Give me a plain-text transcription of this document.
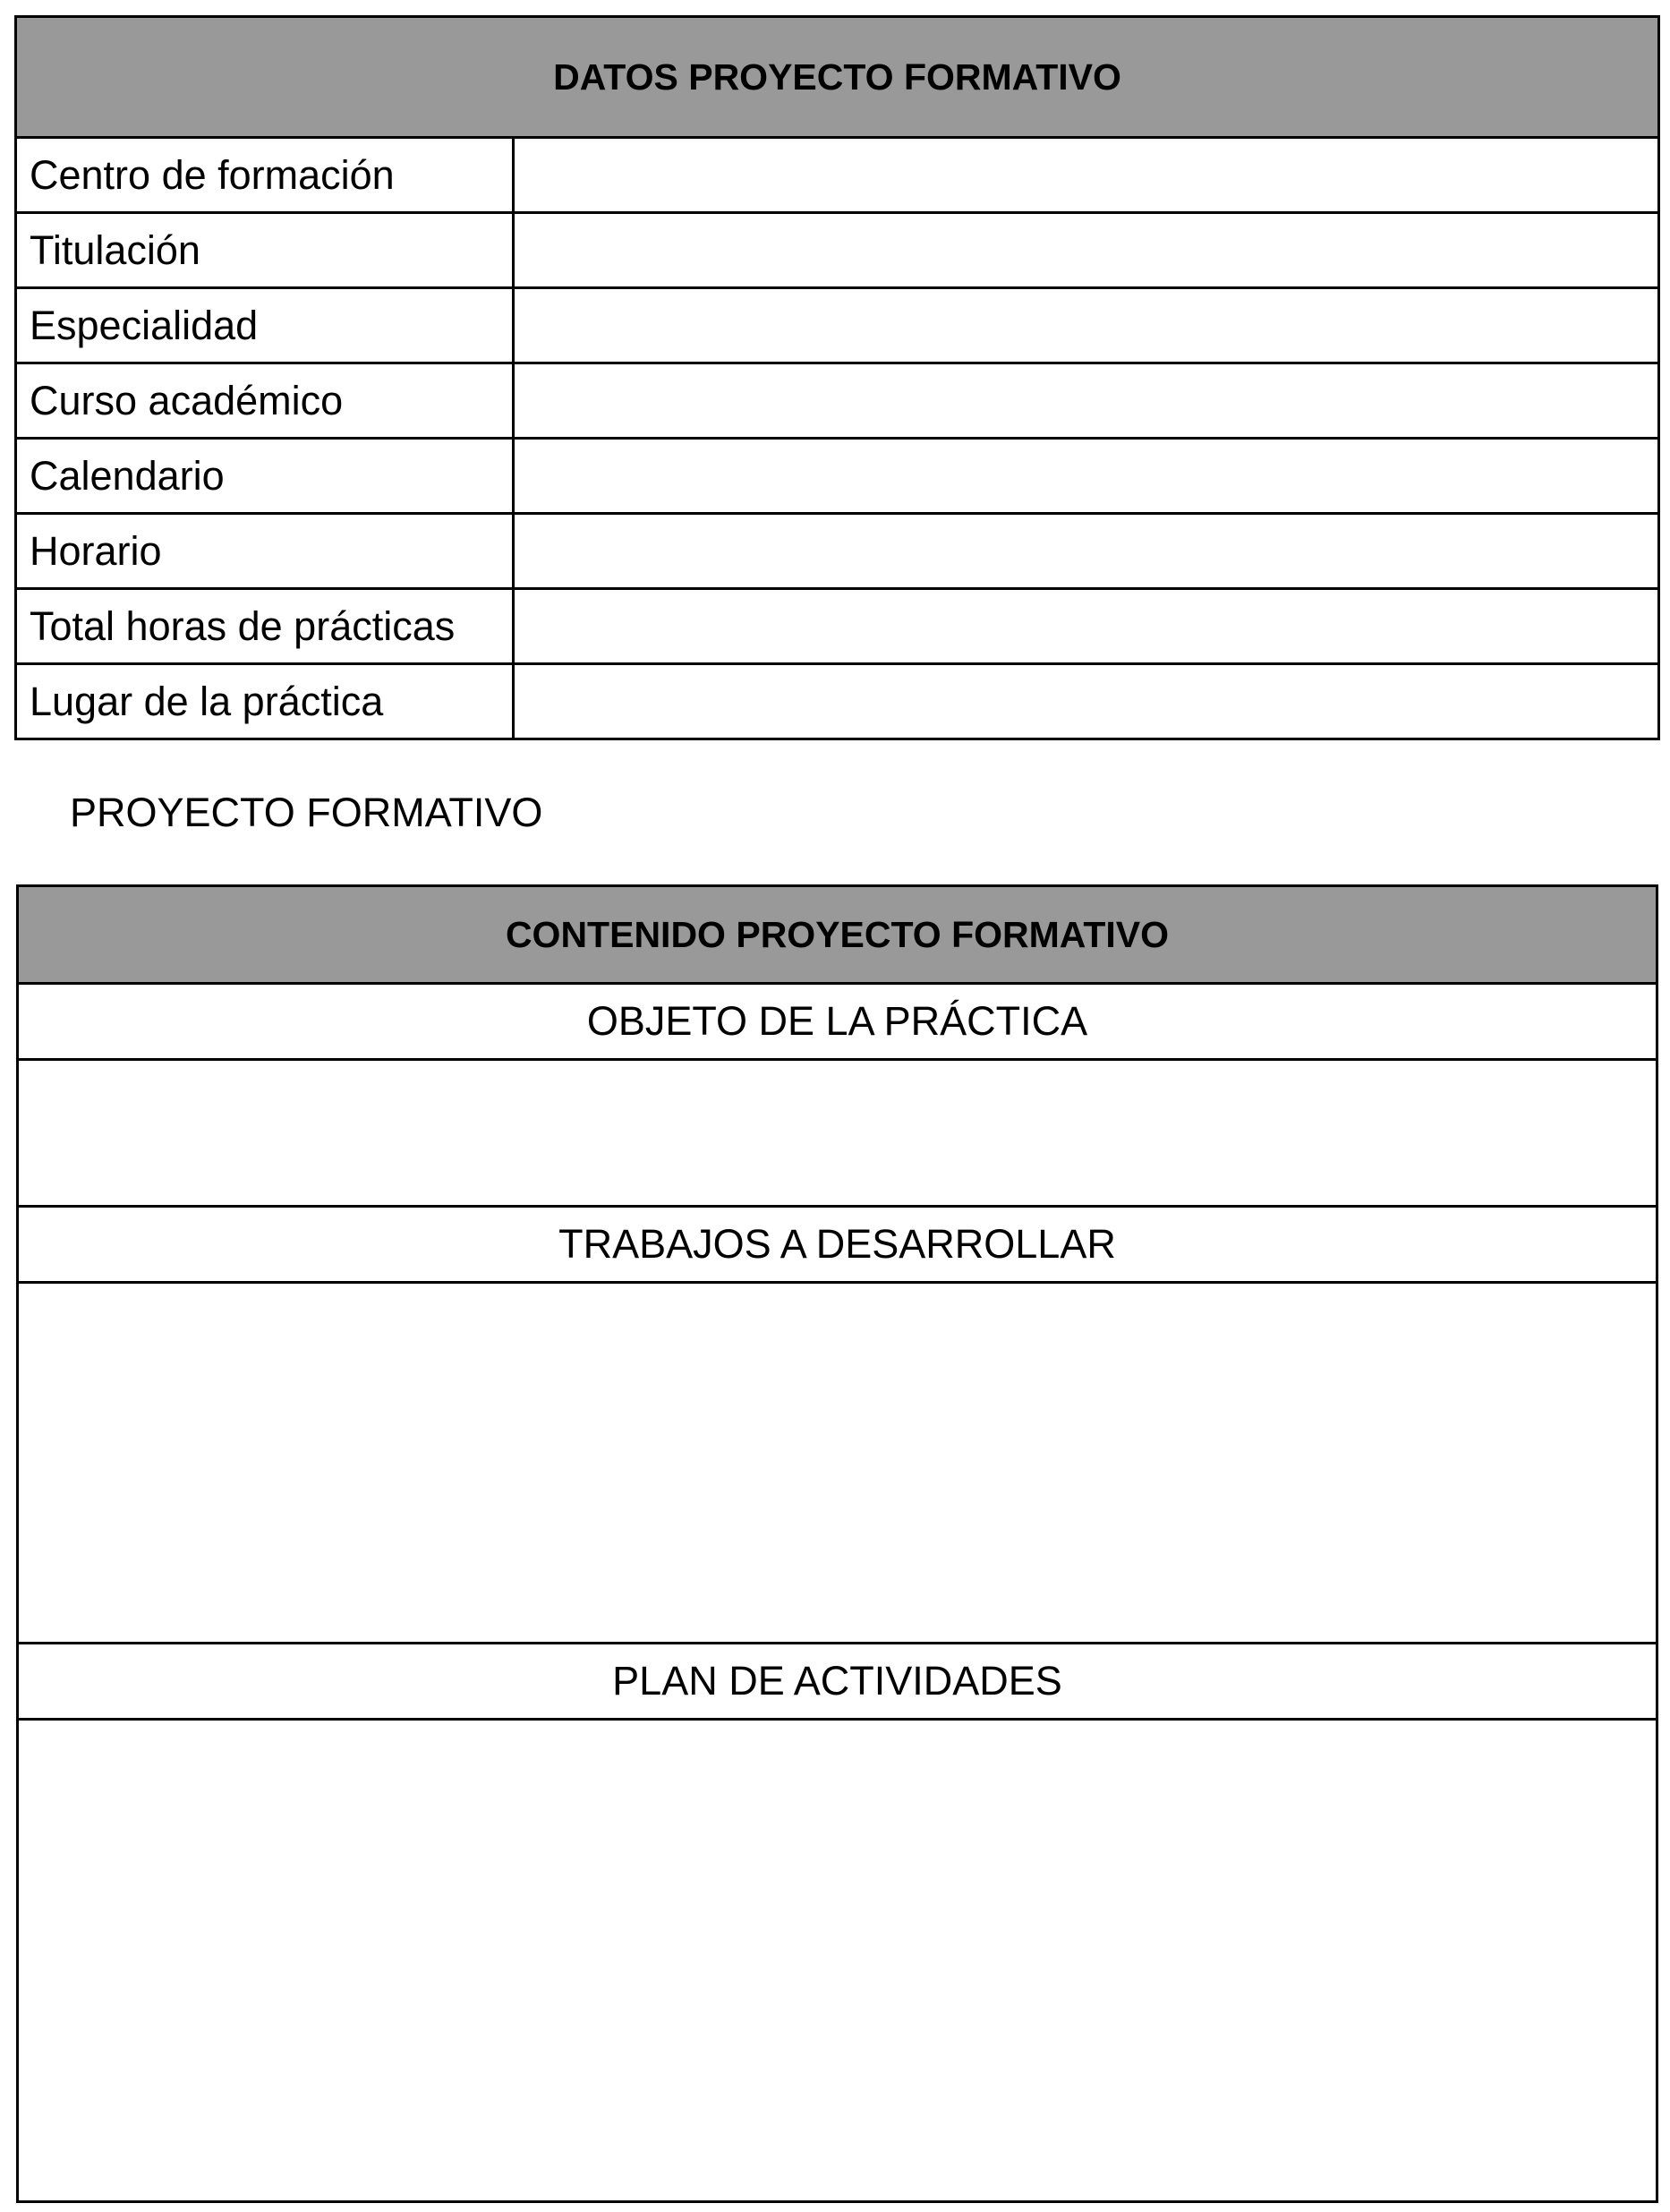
DATOS PROYECTO FORMATIVO	
Centro de formación	
Titulación	
Especialidad	
Curso académico	
Calendario	
Horario	
Total horas de prácticas	
Lugar de la práctica	
PROYECTO FORMATIVO
CONTENIDO PROYECTO FORMATIVO
OBJETO DE LA PRÁCTICA

TRABAJOS A DESARROLLAR

PLAN DE ACTIVIDADES
